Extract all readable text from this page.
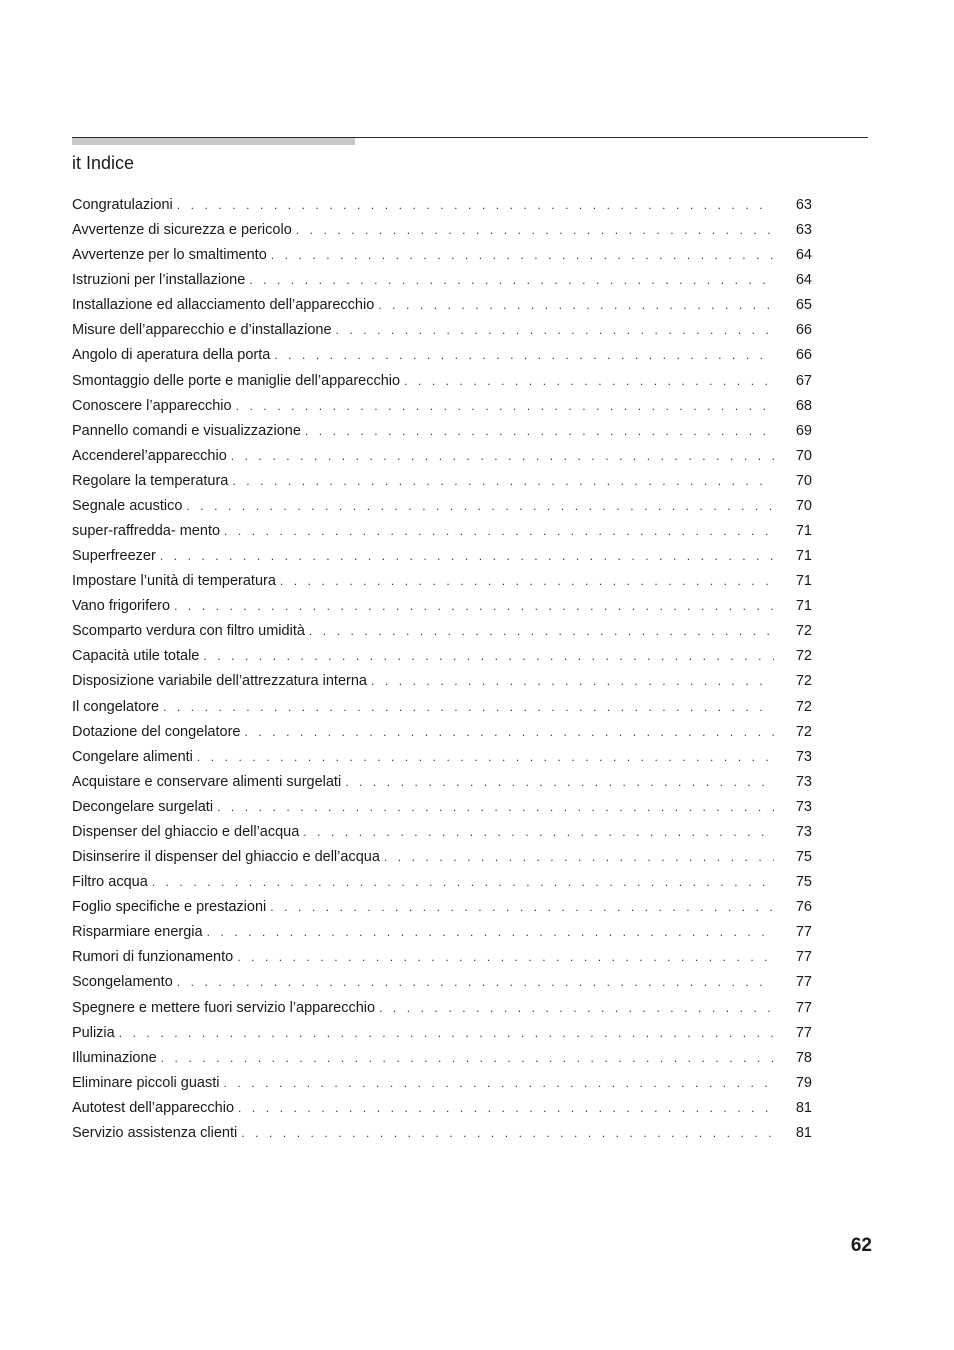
it Indice
Congratulazioni . . .	63
Avvertenze di sicurezza e pericolo . . .	63
Avvertenze per lo smaltimento . . .	64
Istruzioni per l’installazione . . .	64
Installazione ed allacciamento dell’apparecchio . . .	65
Misure dell’apparecchio e d’installazione . . .	66
Angolo di aperatura della porta . . .	66
Smontaggio delle porte e maniglie dell’apparecchio . . .	67
Conoscere l’apparecchio . . .	68
Pannello comandi e visualizzazione . . .	69
Accenderel’apparecchio . . .	70
Regolare la temperatura . . .	70
Segnale acustico . . .	70
super-raffredda- mento . . .	71
Superfreezer . . .	71
Impostare l’unità di temperatura . . .	71
Vano frigorifero . . .	71
Scomparto verdura con filtro umidità . . .	72
Capacità utile totale . . .	72
Disposizione variabile dell’attrezzatura interna . . .	72
Il congelatore . . .	72
Dotazione del congelatore . . .	72
Congelare alimenti . . .	73
Acquistare e conservare alimenti surgelati . . .	73
Decongelare surgelati . . .	73
Dispenser del ghiaccio e dell’acqua . . .	73
Disinserire il dispenser del ghiaccio e dell’acqua . . .	75
Filtro acqua . . .	75
Foglio specifiche e prestazioni . . .	76
Risparmiare energia . . .	77
Rumori di funzionamento . . .	77
Scongelamento . . .	77
Spegnere e mettere fuori servizio l’apparecchio . . .	77
Pulizia . . .	77
Illuminazione . . .	78
Eliminare piccoli guasti . . .	79
Autotest dell’apparecchio . . .	81
Servizio assistenza clienti . . .	81

62
